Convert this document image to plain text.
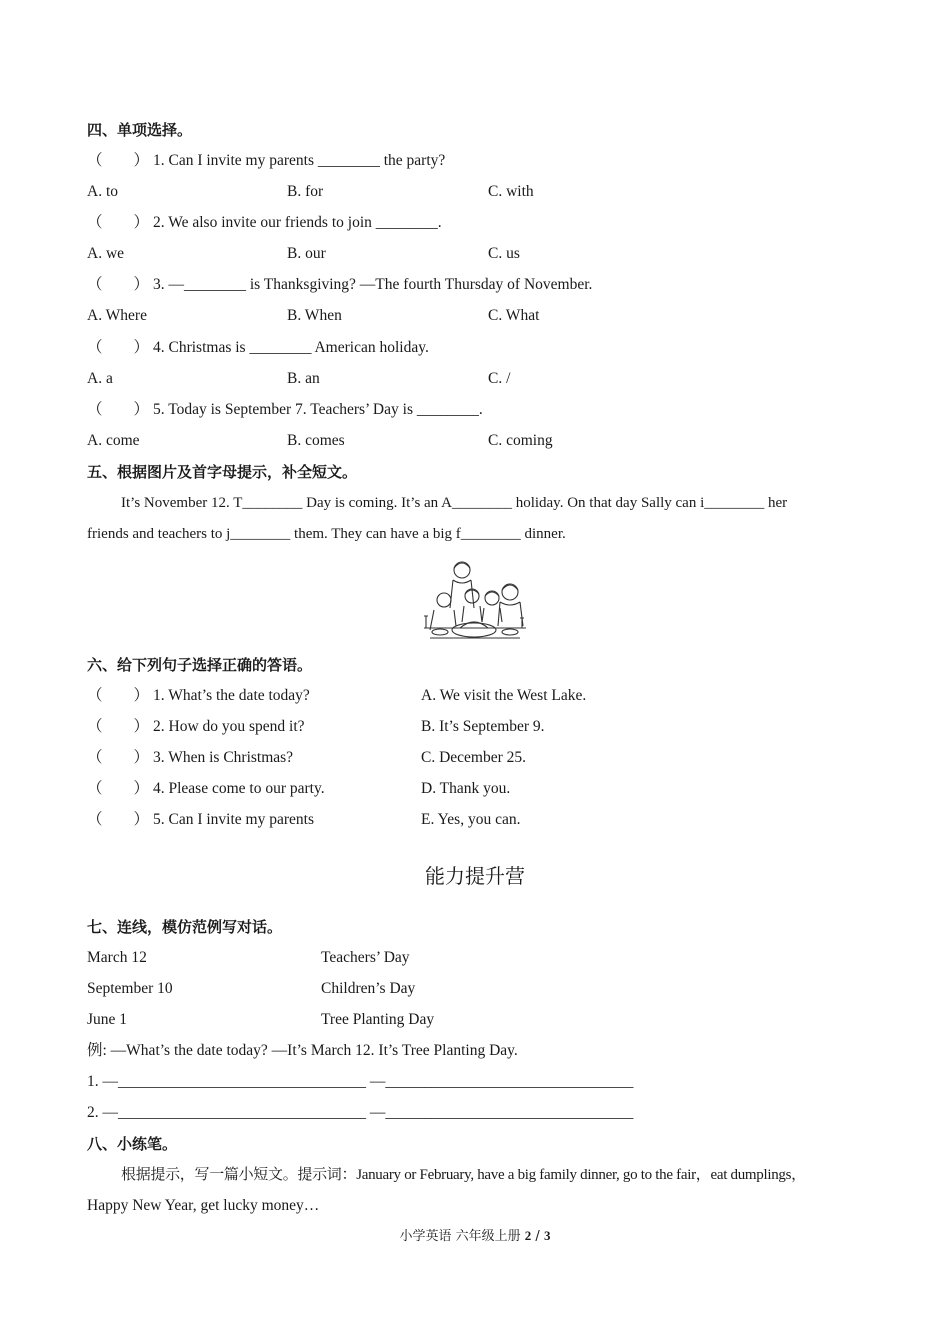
四、单项选择。
（　　） 1. Can I invite my parents ________ the party?
A. to	B. for	C. with
（　　） 2. We also invite our friends to join ________.
A. we	B. our	C. us
（　　） 3. —________ is Thanksgiving? —The fourth Thursday of November.
A. Where	B. When	C. What
（　　） 4. Christmas is ________ American holiday.
A. a	B. an	C. /
（　　） 5. Today is September 7. Teachers’ Day is ________.
A. come	B. comes	C. coming
五、根据图片及首字母提示，补全短文。
It’s November 12. T________ Day is coming. It’s an A________ holiday. On that day Sally can i________ her
friends and teachers to j________ them. They can have a big f________ dinner.
六、给下列句子选择正确的答语。
（　　） 1. What’s the date today?	A. We visit the West Lake.
（　　） 2. How do you spend it?	B. It’s September 9.
（　　） 3. When is Christmas?	C. December 25.
（　　） 4. Please come to our party.	D. Thank you.
（　　） 5. Can I invite my parents	E. Yes, you can.
能力提升营
七、连线，模仿范例写对话。
March 12	Teachers’ Day
September 10	Children’s Day
June 1	Tree Planting Day
例: —What’s the date today? —It’s March 12. It’s Tree Planting Day.
1. —________________________________ —________________________________
2. —________________________________ —________________________________
八、小练笔。
根据提示，写一篇小短文。提示词：January or February, have a big family dinner, go to the fair，eat dumplings，
Happy New Year, get lucky money…
小学英语 六年级上册 2 / 3
